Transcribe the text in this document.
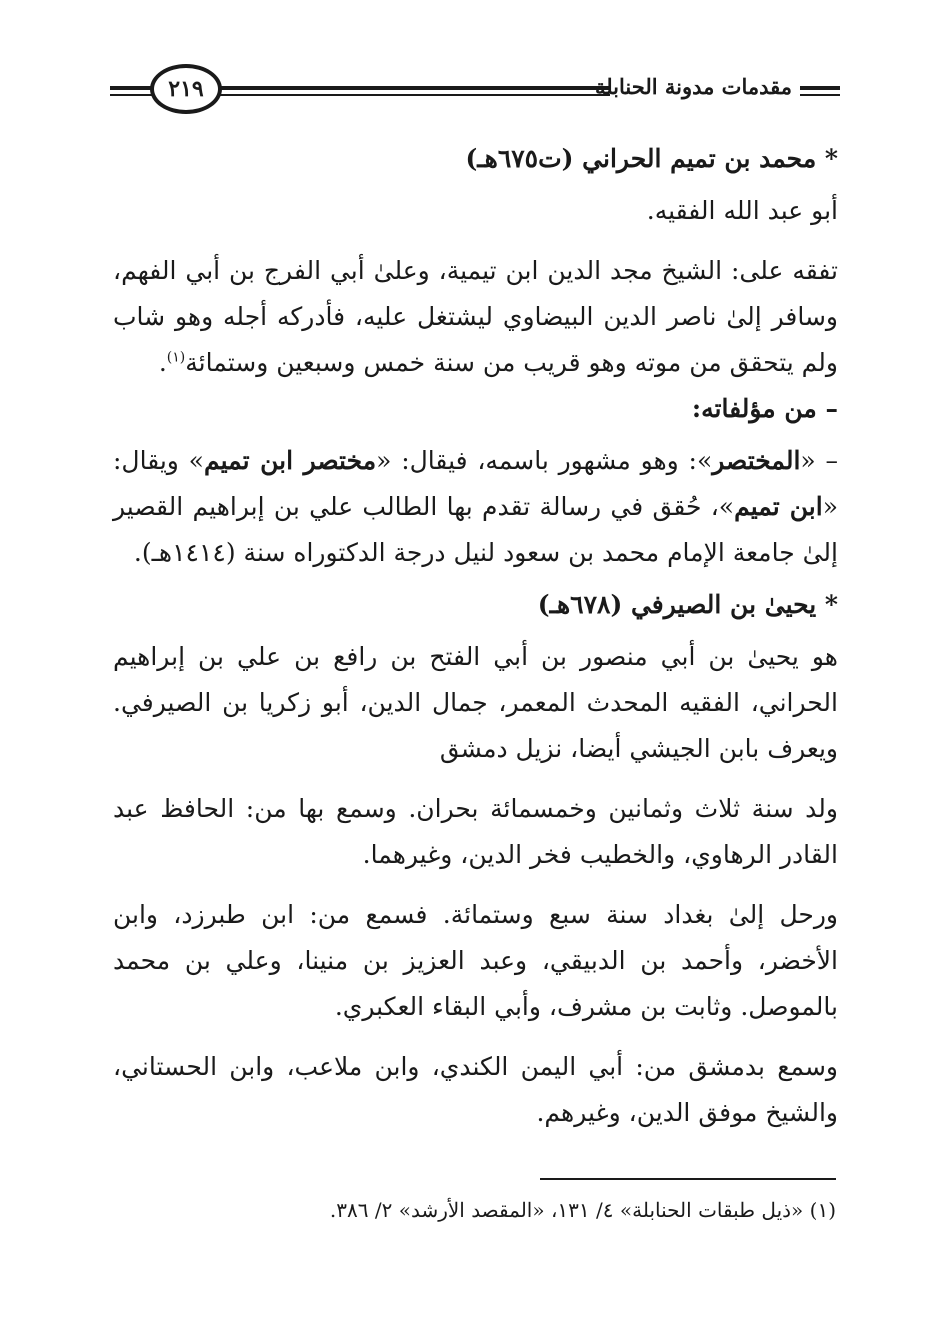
٢١٩	مقدمات مدونة الحنابلة

* محمد بن تميم الحراني (ت٦٧٥هـ)

أبو عبد الله الفقيه.

تفقه على: الشيخ مجد الدين ابن تيمية، وعلىٰ أبي الفرج بن أبي الفهم، وسافر إلىٰ ناصر الدين البيضاوي ليشتغل عليه، فأدركه أجله وهو شاب ولم يتحقق من موته وهو قريب من سنة خمس وسبعين وستمائة$^{(١)}$.

– من مؤلفاته:

– «المختصر»: وهو مشهور باسمه، فيقال: «مختصر ابن تميم» ويقال: «ابن تميم»، حُقق في رسالة تقدم بها الطالب علي بن إبراهيم القصير إلىٰ جامعة الإمام محمد بن سعود لنيل درجة الدكتوراه سنة (١٤١٤هـ).

* يحيىٰ بن الصيرفي (٦٧٨هـ)

هو يحيىٰ بن أبي منصور بن أبي الفتح بن رافع بن علي بن إبراهيم الحراني، الفقيه المحدث المعمر، جمال الدين، أبو زكريا بن الصيرفي. ويعرف بابن الجيشي أيضا، نزيل دمشق

ولد سنة ثلاث وثمانين وخمسمائة بحران. وسمع بها من: الحافظ عبد القادر الرهاوي، والخطيب فخر الدين، وغيرهما.

ورحل إلىٰ بغداد سنة سبع وستمائة. فسمع من: ابن طبرزد، وابن الأخضر، وأحمد بن الدبيقي، وعبد العزيز بن منينا، وعلي بن محمد بالموصل. وثابت بن مشرف، وأبي البقاء العكبري.

وسمع بدمشق من: أبي اليمن الكندي، وابن ملاعب، وابن الحستاني، والشيخ موفق الدين، وغيرهم.

(١) «ذيل طبقات الحنابلة» ٤/ ١٣١، «المقصد الأرشد» ٢/ ٣٨٦.
